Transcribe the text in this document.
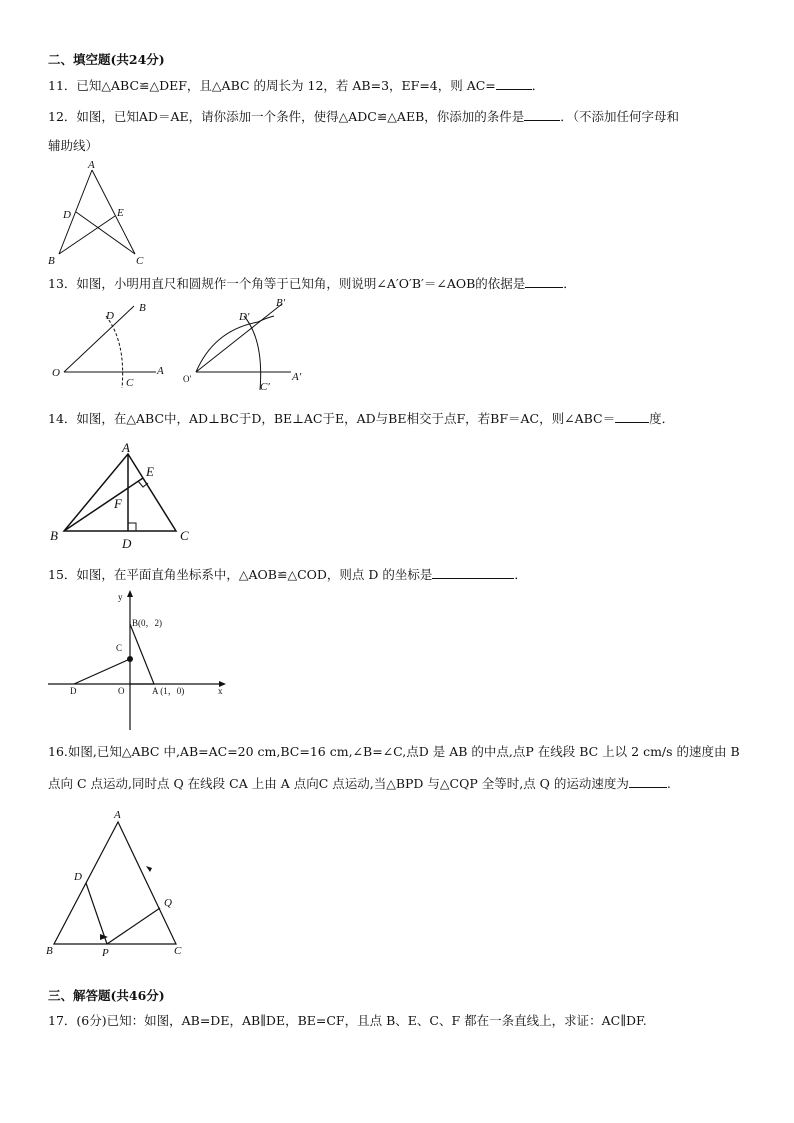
二、填空题(共24分)
11．已知△ABC≌△DEF，且△ABC 的周长为 12，若 AB=3，EF=4，则 AC=	．
12．如图，已知AD＝AE，请你添加一个条件，使得△ADC≌△AEB，你添加的条件是	．（不添加任何字母和
辅助线）
A
D	E
B	C
13．如图，小明用直尺和圆规作一个角等于已知角，则说明∠A′O′B′＝∠AOB的依据是	．
O
D
B
C
A
O′
D′
B′
C′
A′
14．如图，在△ABC中，AD⊥BC于D，BE⊥AC于E，AD与BE相交于点F，若BF＝AC，则∠ABC＝	度．
A
E
F
B
D
C
15．如图，在平面直角坐标系中，△AOB≌△COD，则点 D 的坐标是	．
y
B(0，2)
C
D	O	A (1，0)	x
16.如图,已知△ABC 中,AB=AC=20 cm,BC=16 cm,∠B=∠C,点D 是 AB 的中点,点P 在线段 BC 上以 2 cm/s 的速度由 B
点向 C 点运动,同时点 Q 在线段 CA 上由 A 点向C 点运动,当△BPD 与△CQP 全等时,点 Q 的运动速度为	.
A
D
Q
B	P	C
三、解答题(共46分)
17．(6分)已知：如图，AB=DE，AB∥DE，BE=CF，且点 B、E、C、F 都在一条直线上，求证：AC∥DF.
